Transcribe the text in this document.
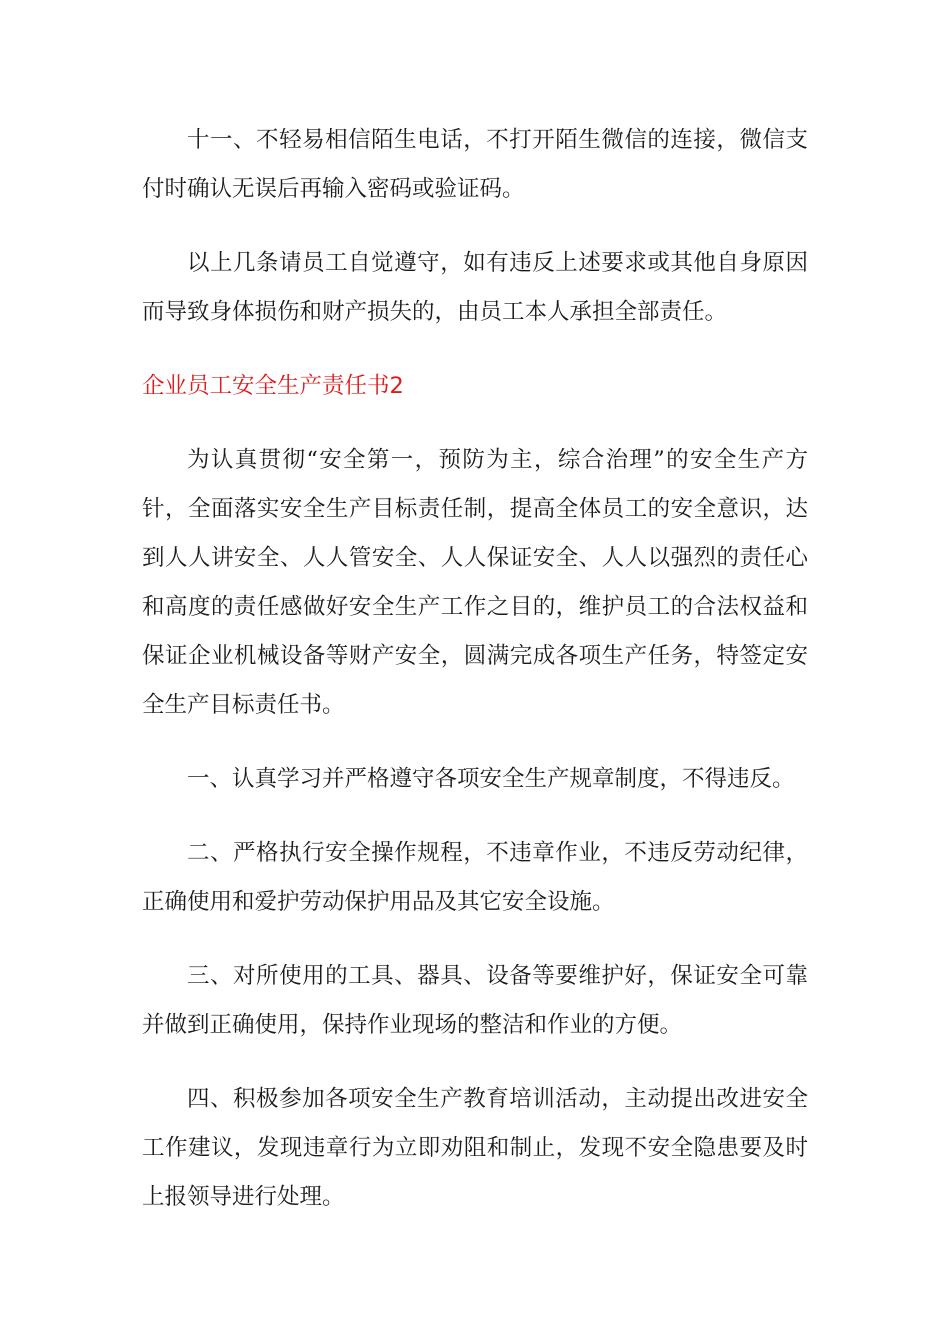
十一、不轻易相信陌生电话，不打开陌生微信的连接，微信支付时确认无误后再输入密码或验证码。

以上几条请员工自觉遵守，如有违反上述要求或其他自身原因而导致身体损伤和财产损失的，由员工本人承担全部责任。

企业员工安全生产责任书2

为认真贯彻“安全第一，预防为主，综合治理”的安全生产方针，全面落实安全生产目标责任制，提高全体员工的安全意识，达到人人讲安全、人人管安全、人人保证安全、人人以强烈的责任心和高度的责任感做好安全生产工作之目的，维护员工的合法权益和保证企业机械设备等财产安全，圆满完成各项生产任务，特签定安全生产目标责任书。

一、认真学习并严格遵守各项安全生产规章制度，不得违反。

二、严格执行安全操作规程，不违章作业，不违反劳动纪律，正确使用和爱护劳动保护用品及其它安全设施。

三、对所使用的工具、器具、设备等要维护好，保证安全可靠并做到正确使用，保持作业现场的整洁和作业的方便。

四、积极参加各项安全生产教育培训活动，主动提出改进安全工作建议，发现违章行为立即劝阻和制止，发现不安全隐患要及时上报领导进行处理。
